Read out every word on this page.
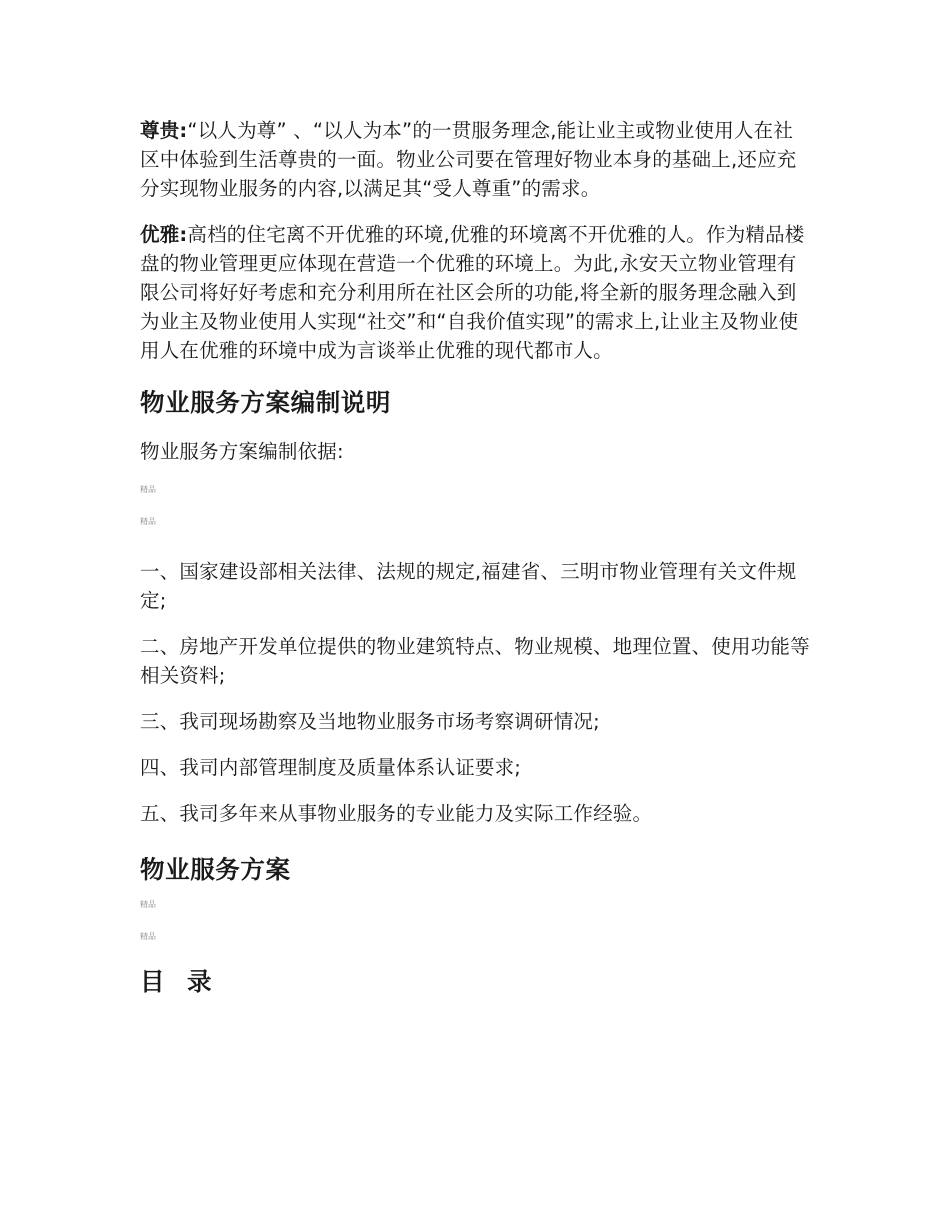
尊贵:“以人为尊” 、“以人为本”的一贯服务理念,能让业主或物业使用人在社区中体验到生活尊贵的一面。物业公司要在管理好物业本身的基础上,还应充分实现物业服务的内容,以满足其“受人尊重”的需求。

优雅:高档的住宅离不开优雅的环境,优雅的环境离不开优雅的人。作为精品楼盘的物业管理更应体现在营造一个优雅的环境上。为此,永安天立物业管理有限公司将好好考虑和充分利用所在社区会所的功能,将全新的服务理念融入到为业主及物业使用人实现“社交”和“自我价值实现”的需求上,让业主及物业使用人在优雅的环境中成为言谈举止优雅的现代都市人。

物业服务方案编制说明

物业服务方案编制依据:

精品

精品

一、国家建设部相关法律、法规的规定,福建省、三明市物业管理有关文件规定;

二、房地产开发单位提供的物业建筑特点、物业规模、地理位置、使用功能等相关资料;

三、我司现场勘察及当地物业服务市场考察调研情况;

四、我司内部管理制度及质量体系认证要求;

五、我司多年来从事物业服务的专业能力及实际工作经验。

物业服务方案

精品

精品

目 录
